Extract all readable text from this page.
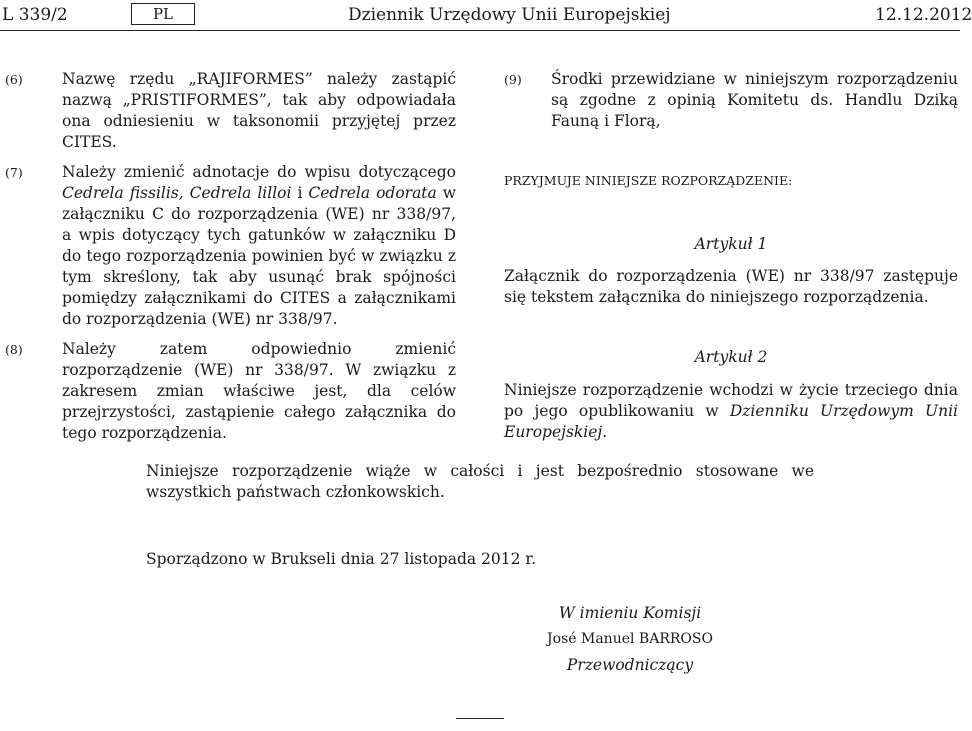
L 339/2	PL	Dziennik Urzędowy Unii Europejskiej	12.12.2012
(6)	Nazwę rzędu „RAJIFORMES” należy zastąpić nazwą „PRISTIFORMES”, tak aby odpowiadała ona odniesieniu w taksonomii przyjętej przez CITES.
(7)	Należy zmienić adnotacje do wpisu dotyczącego Cedrela fissilis, Cedrela lilloi i Cedrela odorata w załączniku C do rozporządzenia (WE) nr 338/97, a wpis dotyczący tych gatunków w załączniku D do tego rozporządzenia powinien być w związku z tym skreślony, tak aby usunąć brak spójności pomiędzy załącznikami do CITES a załącznikami do rozporządzenia (WE) nr 338/97.
(8)	Należy zatem odpowiednio zmienić rozporządzenie (WE) nr 338/97. W związku z zakresem zmian właściwe jest, dla celów przejrzystości, zastąpienie całego załącznika do tego rozporządzenia.
(9) Środki przewidziane w niniejszym rozporządzeniu są zgodne z opinią Komitetu ds. Handlu Dziką Fauną i Florą,
PRZYJMUJE NINIEJSZE ROZPORZĄDZENIE:
Artykuł 1
Załącznik do rozporządzenia (WE) nr 338/97 zastępuje się tekstem załącznika do niniejszego rozporządzenia.
Artykuł 2
Niniejsze rozporządzenie wchodzi w życie trzeciego dnia po jego opublikowaniu w Dzienniku Urzędowym Unii Europejskiej.
Niniejsze rozporządzenie wiąże w całości i jest bezpośrednio stosowane we wszystkich państwach członkowskich.
Sporządzono w Brukseli dnia 27 listopada 2012 r.
W imieniu Komisji
José Manuel BARROSO
Przewodniczący
